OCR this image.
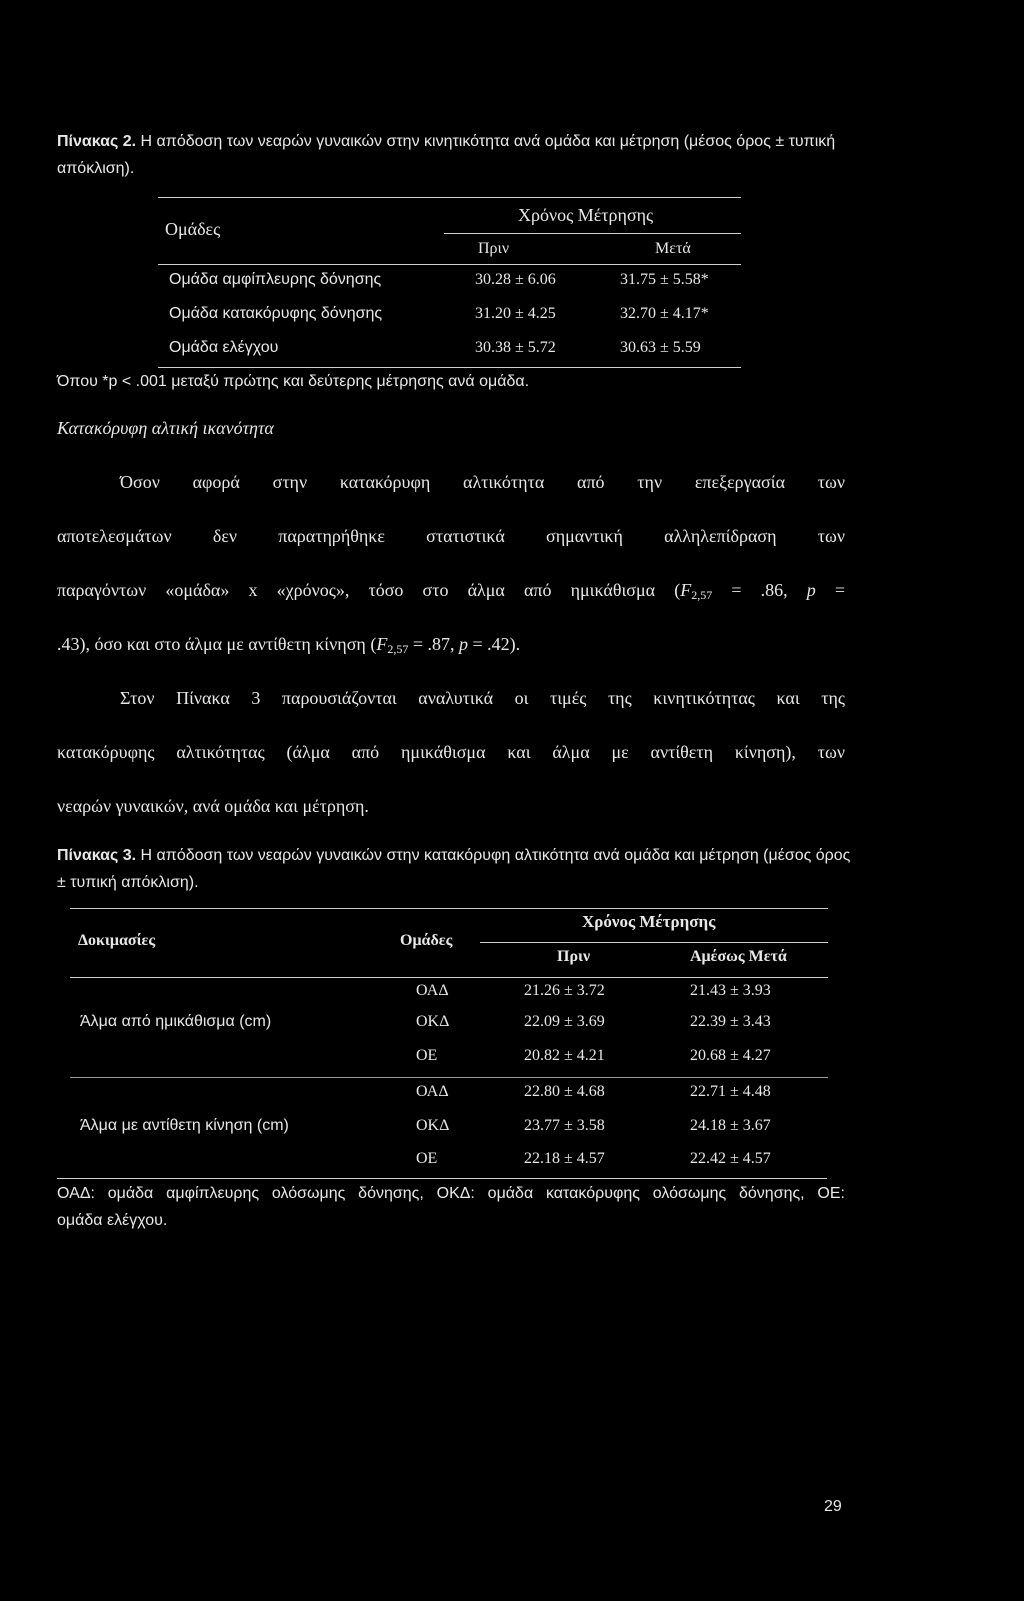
Πίνακας 2. Η απόδοση των νεαρών γυναικών στην κινητικότητα ανά ομάδα και μέτρηση (μέσος όρος ± τυπική απόκλιση).
Ομάδες
Χρόνος Μέτρησης
Πριν	Μετά
Ομάδα αμφίπλευρης δόνησης	30.28 ± 6.06	31.75 ± 5.58*
Ομάδα κατακόρυφης δόνησης	31.20 ± 4.25	32.70 ± 4.17*
Ομάδα ελέγχου	30.38 ± 5.72	30.63 ± 5.59
Όπου *p < .001 μεταξύ πρώτης και δεύτερης μέτρησης ανά ομάδα.
Κατακόρυφη αλτική ικανότητα
Όσον αφορά στην κατακόρυφη αλτικότητα από την επεξεργασία των
αποτελεσμάτων δεν παρατηρήθηκε στατιστικά σημαντική αλληλεπίδραση των
παραγόντων «ομάδα» x «χρόνος», τόσο στο άλμα από ημικάθισμα ($F_{2,57} = .86$, p =
.43), όσο και στο άλμα με αντίθετη κίνηση ($F_{2,57} = .87$, p = .42).
Στον Πίνακα 3 παρουσιάζονται αναλυτικά οι τιμές της κινητικότητας και της
κατακόρυφης αλτικότητας (άλμα από ημικάθισμα και άλμα με αντίθετη κίνηση), των
νεαρών γυναικών, ανά ομάδα και μέτρηση.
Πίνακας 3. Η απόδοση των νεαρών γυναικών στην κατακόρυφη αλτικότητα ανά ομάδα και μέτρηση (μέσος όρος ± τυπική απόκλιση).
Δοκιμασίες	Ομάδες
Χρόνος Μέτρησης
Πριν	Αμέσως Μετά
Άλμα από ημικάθισμα (cm)
ΟΑΔ	21.26 ± 3.72	21.43 ± 3.93
ΟΚΔ	22.09 ± 3.69	22.39 ± 3.43
ΟΕ	20.82 ± 4.21	20.68 ± 4.27
Άλμα με αντίθετη κίνηση (cm)
ΟΑΔ	22.80 ± 4.68	22.71 ± 4.48
ΟΚΔ	23.77 ± 3.58	24.18 ± 3.67
ΟΕ	22.18 ± 4.57	22.42 ± 4.57
ΟΑΔ: ομάδα αμφίπλευρης ολόσωμης δόνησης, ΟΚΔ: ομάδα κατακόρυφης ολόσωμης δόνησης, ΟΕ:
ομάδα ελέγχου.
29
